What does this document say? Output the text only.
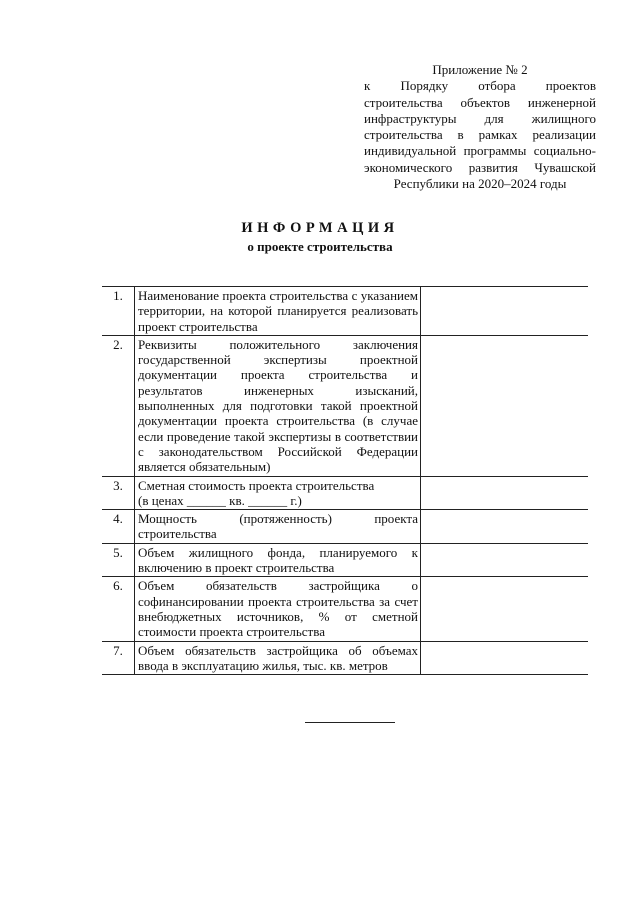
Приложение № 2
к Порядку отбора проектов строительства объектов инженерной инфраструктуры для жилищного строительства в рамках реализации индивидуальной программы социально-экономического развития Чувашской Республики на 2020–2024 годы
ИНФОРМАЦИЯ
о проекте строительства
1.	Наименование проекта строительства с указанием территории, на которой планируется реализовать проект строительства	
2.	Реквизиты положительного заключения государственной экспертизы проектной документации проекта строительства и результатов инженерных изысканий, выполненных для подготовки такой проектной документации проекта строительства (в случае если проведение такой экспертизы в соответствии с законодательством Российской Федерации является обязательным)	
3.	Сметная стоимость проекта строительства
(в ценах ______ кв. ______ г.)	

4.	Мощность (протяженность) проекта строительства	
5.	Объем жилищного фонда, планируемого к включению в проект строительства	
6.	Объем обязательств застройщика о софинансировании проекта строительства за счет внебюджетных источников, % от сметной стоимости проекта строительства	
7.	Объем обязательств застройщика об объемах ввода в эксплуатацию жилья, тыс. кв. метров	
